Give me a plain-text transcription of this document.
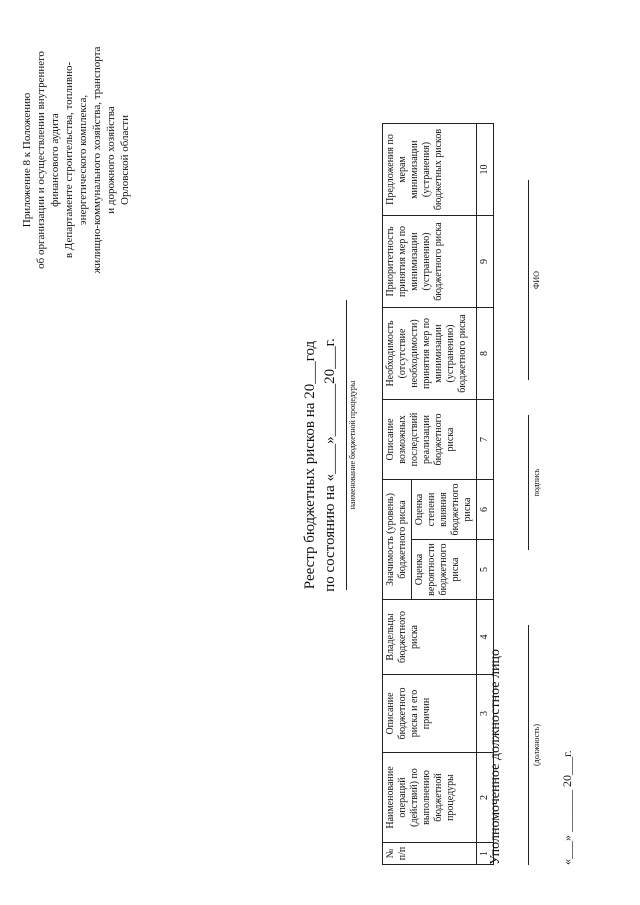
Приложение 8 к Положению об организации и осуществлении внутреннего финансового аудита в Департаменте строительства, топливно- энергетического комплекса, жилищно-коммунального хозяйства, транспорта и дорожного хозяйства Орловской области
Реестр бюджетных рисков на 20___год по состоянию на «____»_______20___г. наименование бюджетной процедуры
№ п/п	Наименование операций (действий) по выполнению бюджетной процедуры	Описание бюджетного риска и его причин	Владельцы бюджетного риска	Значимость (уровень) бюджетного риска		Описание возможных последствий реализации бюджетного риска	Необходимость (отсутствие необходимости) принятия мер по минимизации (устранению) бюджетного риска	Приоритетность принятия мер по минимизации (устранению) бюджетного риска	Предложения по мерам минимизации (устранения) бюджетных рисков
				Оценка вероятности бюджетного риска	Оценка степени влияния бюджетного риска				
1	2	3	4	5	6	7	8	9	10
Уполномоченное должностное лицо	(должность)
подпись
ФИО
«___» _______ 20___г.
